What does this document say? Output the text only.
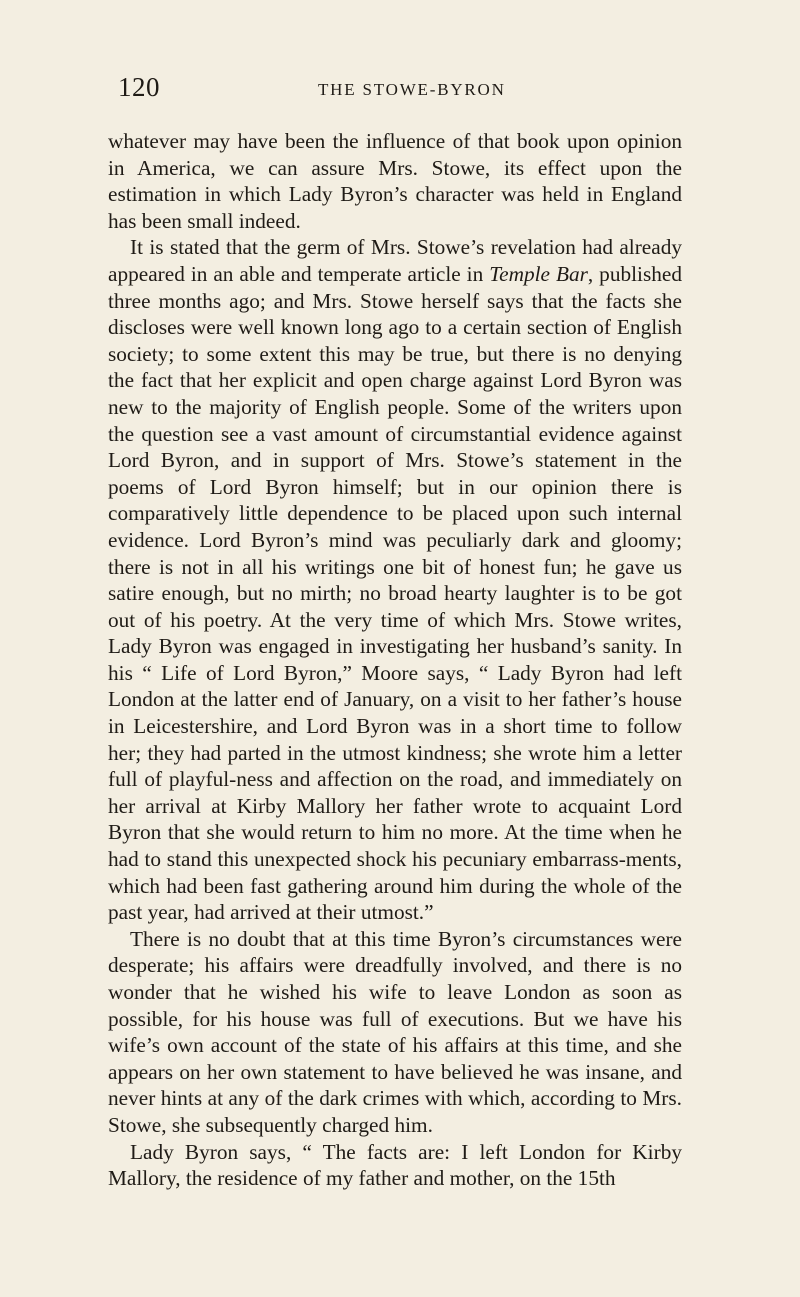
120	THE STOWE-BYRON

whatever may have been the influence of that book upon opinion in America, we can assure Mrs. Stowe, its effect upon the estimation in which Lady Byron’s character was held in England has been small indeed.

It is stated that the germ of Mrs. Stowe’s revelation had already appeared in an able and temperate article in Temple Bar, published three months ago; and Mrs. Stowe herself says that the facts she discloses were well known long ago to a certain section of English society; to some extent this may be true, but there is no denying the fact that her explicit and open charge against Lord Byron was new to the majority of English people. Some of the writers upon the question see a vast amount of circumstantial evidence against Lord Byron, and in support of Mrs. Stowe’s statement in the poems of Lord Byron himself; but in our opinion there is comparatively little dependence to be placed upon such internal evidence. Lord Byron’s mind was peculiarly dark and gloomy; there is not in all his writings one bit of honest fun; he gave us satire enough, but no mirth; no broad hearty laughter is to be got out of his poetry. At the very time of which Mrs. Stowe writes, Lady Byron was engaged in investigating her husband’s sanity. In his “ Life of Lord Byron,” Moore says, “ Lady Byron had left London at the latter end of January, on a visit to her father’s house in Leicestershire, and Lord Byron was in a short time to follow her; they had parted in the utmost kindness; she wrote him a letter full of playful-ness and affection on the road, and immediately on her arrival at Kirby Mallory her father wrote to acquaint Lord Byron that she would return to him no more. At the time when he had to stand this unexpected shock his pecuniary embarrass-ments, which had been fast gathering around him during the whole of the past year, had arrived at their utmost.”

There is no doubt that at this time Byron’s circumstances were desperate; his affairs were dreadfully involved, and there is no wonder that he wished his wife to leave London as soon as possible, for his house was full of executions. But we have his wife’s own account of the state of his affairs at this time, and she appears on her own statement to have believed he was insane, and never hints at any of the dark crimes with which, according to Mrs. Stowe, she subsequently charged him.

Lady Byron says, “ The facts are: I left London for Kirby Mallory, the residence of my father and mother, on the 15th
